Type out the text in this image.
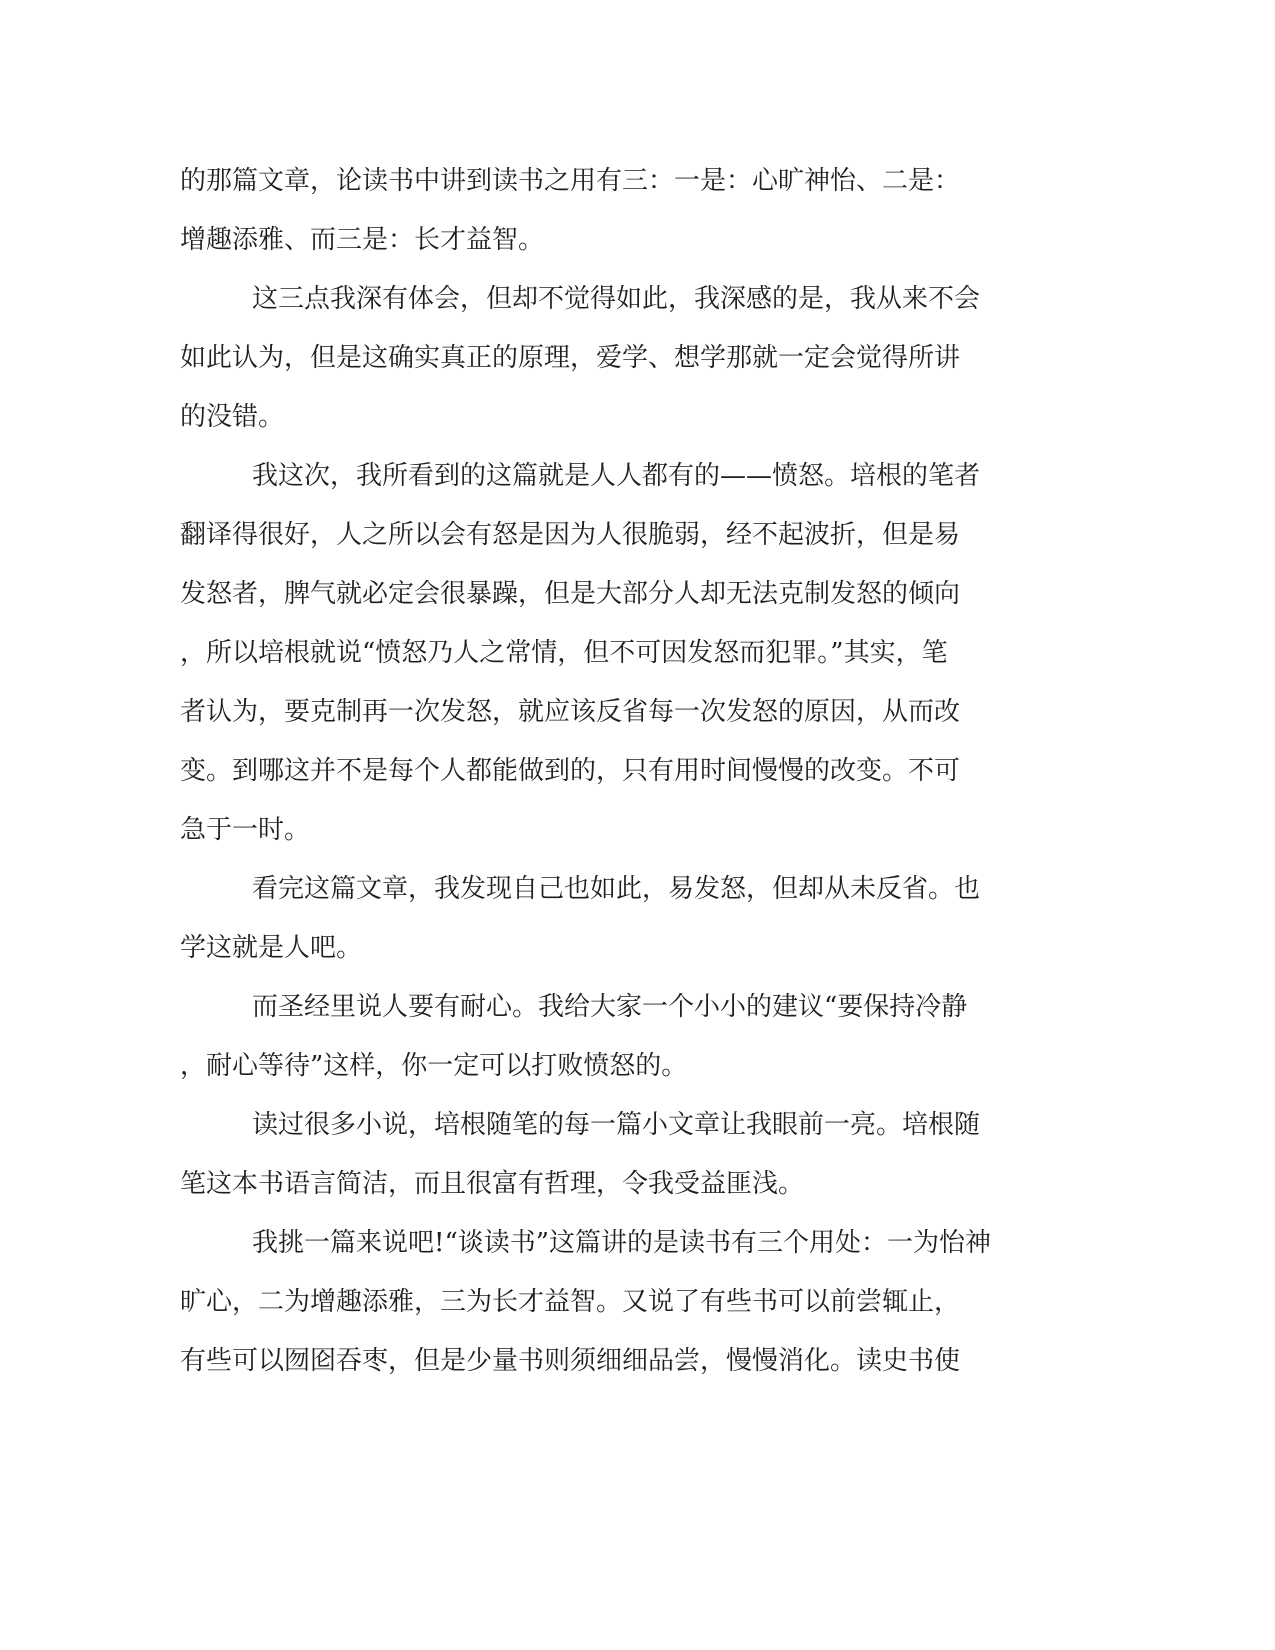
的那篇文章，论读书中讲到读书之用有三：一是：心旷神怡、二是：
增趣添雅、而三是：长才益智。
这三点我深有体会，但却不觉得如此，我深感的是，我从来不会
如此认为，但是这确实真正的原理，爱学、想学那就一定会觉得所讲
的没错。
我这次，我所看到的这篇就是人人都有的——愤怒。培根的笔者
翻译得很好，人之所以会有怒是因为人很脆弱，经不起波折，但是易
发怒者，脾气就必定会很暴躁，但是大部分人却无法克制发怒的倾向
，所以培根就说“愤怒乃人之常情，但不可因发怒而犯罪。”其实，笔
者认为，要克制再一次发怒，就应该反省每一次发怒的原因，从而改
变。到哪这并不是每个人都能做到的，只有用时间慢慢的改变。不可
急于一时。
看完这篇文章，我发现自己也如此，易发怒，但却从未反省。也
学这就是人吧。
而圣经里说人要有耐心。我给大家一个小小的建议“要保持冷静
，耐心等待”这样，你一定可以打败愤怒的。
读过很多小说，培根随笔的每一篇小文章让我眼前一亮。培根随
笔这本书语言简洁，而且很富有哲理，令我受益匪浅。
我挑一篇来说吧!“谈读书”这篇讲的是读书有三个用处：一为怡神
旷心，二为增趣添雅，三为长才益智。又说了有些书可以前尝辄止，
有些可以囫囵吞枣，但是少量书则须细细品尝，慢慢消化。读史书使
